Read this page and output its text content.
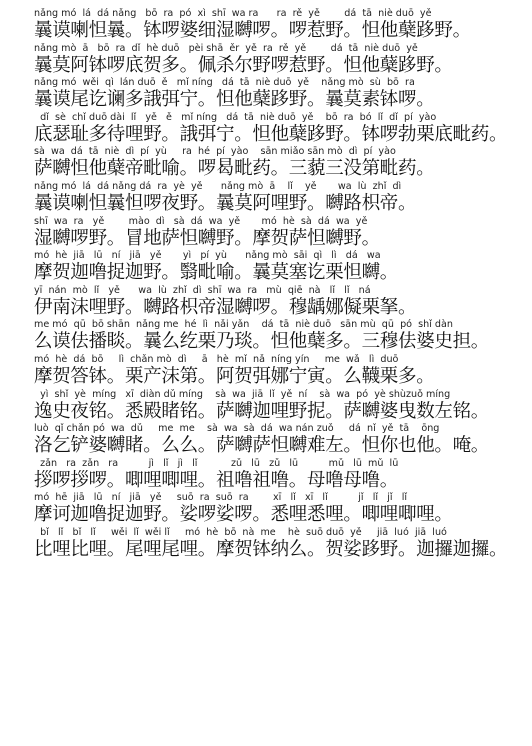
nǎng mó  lá  dá nǎng   bō  ra  pó  xì  shī  wa ra      ra  rě  yě        dá  tā  niè duō  yě
曩谟喇怛曩。钵啰婆细湿嚩啰。啰惹野。怛他蘖跢野。
nǎng mò  ā   bō  ra  dǐ  hè duō   pèi shā  ěr  yě  ra  rě  yě        dá  tā  niè duō  yě
曩莫阿钵啰底贺多。佩杀尔野啰惹野。怛他蘖跢野。
nǎng mó  wěi  qì  lán duō  ě   mǐ níng   dá  tā  niè duō  yě    nǎng mò  sù  bō  ra
曩谟尾讫谰多誐弭宁。怛他蘖跢野。曩莫素钵啰。
dǐ  sè  chǐ duō dài  lǐ   yě   ě   mǐ níng   dá  tā  niè duō  yě    bō  ra  bó  lǐ  dǐ  pí  yào
底瑟耻多待哩野。誐弭宁。怛他蘖跢野。钵啰勃栗底毗药。
sà  wa  dá  tā  niè  dì  pí  yù     ra  hé  pí  yào    sān miǎo sān mò  dì  pí  yào
萨嚩怛他蘖帝毗喻。啰曷毗药。三藐三没第毗药。
nǎng mó  lá  dá nǎng dá  ra  yè  yě      nǎng mò  ā    lǐ    yě       wa  lù  zhǐ  dì
曩谟喇怛曩怛啰夜野。曩莫阿哩野。嚩路枳帝。
shī  wa  ra   yě        mào  dì   sà  dá  wa  yě       mó  hè  sà  dá  wa  yě
湿嚩啰野。冒地萨怛嚩野。摩贺萨怛嚩野。
mó  hè  jiā   lū   ní   jiā   yě       yì   pí  yù      nǎng mò  sāi  qì   lì   dá   wa
摩贺迦噜捉迦野。翳毗喻。曩莫塞讫栗怛嚩。
yī  nán  mò  lǐ   yě      wa  lù  zhǐ  dì  shī  wa  ra   mù  qiē  nà   lǐ   lǐ   ná
伊南沫哩野。嚩路枳帝湿嚩啰。穆龋娜儗栗拏。
me mó  qū  bō shān  nǎng me  hé  lì  nǎi yǎn    dá  tā  niè duō   sān mù  qū  pó  shǐ dàn
么谟佉播睒。曩么纥栗乃琰。怛他蘖多。三穆佉婆史担。
mó  hè  dá  bō     lì  chǎn mò  dì     ā   hè  mǐ  nǎ  níng yín     me  wǎ   lì  duō
摩贺答钵。栗产沫第。阿贺弭娜宁寅。么韈栗多。
yì  shǐ  yè  míng   xī  diàn dǔ míng    sà  wa  jiā  lǐ  yě  ní    sà  wa  pó  yè shùzuǒ míng
逸史夜铭。悉殿睹铭。萨嚩迦哩野抳。萨嚩婆曳数左铭。
luò  qǐ chǎn pó  wa  dǔ     me  me    sà  wa  sà  dá  wa nán zuǒ     dá  nǐ  yě  tā    ōng
洛乞铲婆嚩睹。么么。萨嚩萨怛嚩难左。怛你也他。唵。
zǎn   ra  zǎn   ra          jì   lǐ   jì   lǐ           zǔ   lū   zǔ   lū          mǔ   lū  mǔ  lū
拶啰拶啰。唧哩唧哩。祖噜祖噜。母噜母噜。
mó  hē  jiā   lū   ní   jiā   yě     suō  ra  suō  ra        xī   lǐ   xī   lǐ          jǐ   lǐ   jǐ   lǐ
摩诃迦噜捉迦野。娑啰娑啰。悉哩悉哩。唧哩唧哩。
bǐ   lǐ   bǐ   lǐ     wěi  lǐ  wěi lǐ     mó  hè  bō  nà  me    hè  suō duō  yě     jiā  luó  jiā  luó
比哩比哩。尾哩尾哩。摩贺钵纳么。贺娑跢野。迦攞迦攞。
